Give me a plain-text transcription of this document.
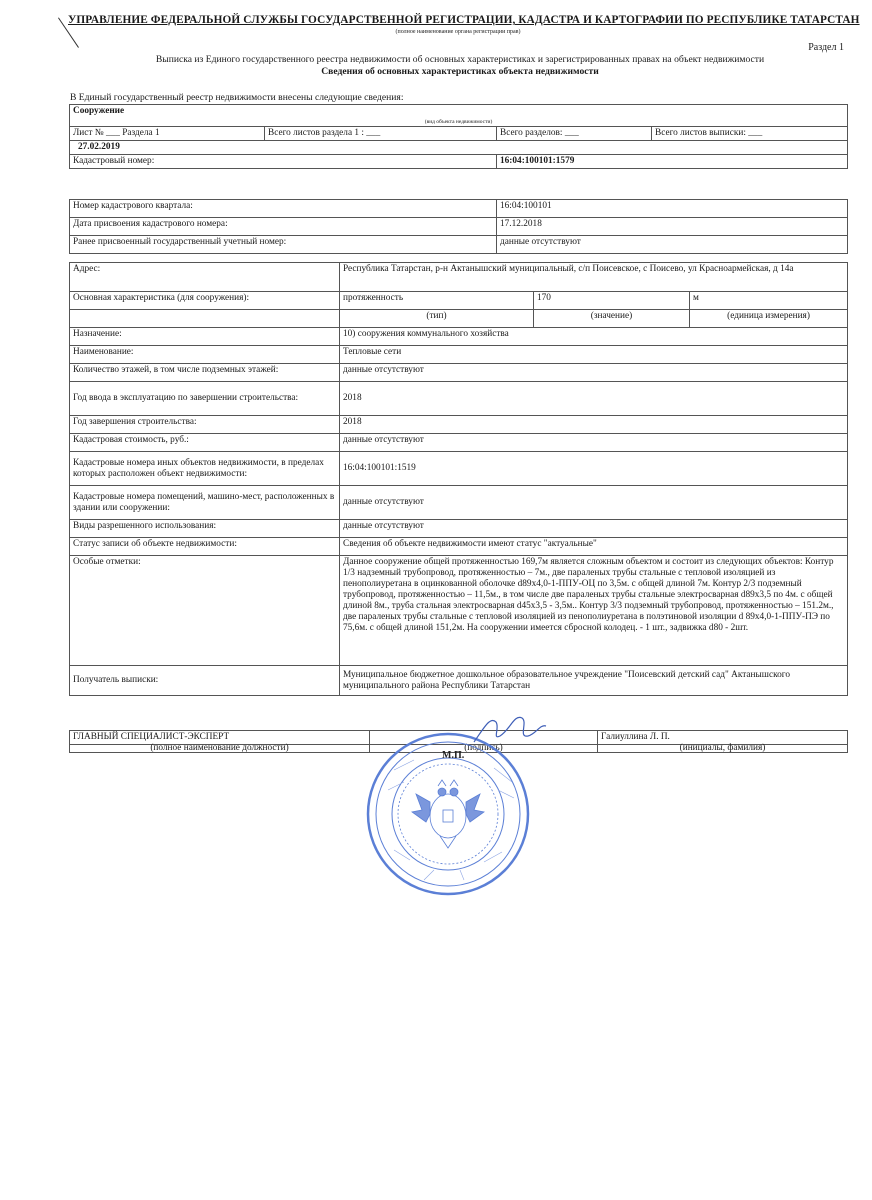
УПРАВЛЕНИЕ ФЕДЕРАЛЬНОЙ СЛУЖБЫ ГОСУДАРСТВЕННОЙ РЕГИСТРАЦИИ, КАДАСТРА И КАРТОГРАФИИ ПО РЕСПУБЛИКЕ ТАТАРСТАН
(полное наименование органа регистрации прав)
Раздел 1
Выписка из Единого государственного реестра недвижимости об основных характеристиках и зарегистрированных правах на объект недвижимости
Сведения об основных характеристиках объекта недвижимости
В Единый государственный реестр недвижимости внесены следующие сведения:
Сооружение			
(вид объекта недвижимости)			
Лист № ___ Раздела 1	Всего листов раздела 1 : ___	Всего разделов: ___	Всего листов выписки: ___
27.02.2019			
Кадастровый номер:		16:04:100101:1579	
Номер кадастрового квартала:	16:04:100101
Дата присвоения кадастрового номера:	17.12.2018
Ранее присвоенный государственный учетный номер:	данные отсутствуют
Адрес:	Республика Татарстан, р-н Актанышский муниципальный, с/п Поисевское, с Поисево, ул Красноармейская, д 14а		
Основная характеристика (для сооружения):	протяженность	170	м
	(тип)	(значение)	(единица измерения)
Назначение:	10) сооружения коммунального хозяйства		
Наименование:	Тепловые сети		
Количество этажей, в том числе подземных этажей:	данные отсутствуют		
Год ввода в эксплуатацию по завершении строительства:	2018		
Год завершения строительства:	2018		
Кадастровая стоимость, руб.:	данные отсутствуют		
Кадастровые номера иных объектов недвижимости, в пределах которых расположен объект недвижимости:	16:04:100101:1519		
Кадастровые номера помещений, машино-мест, расположенных в здании или сооружении:	данные отсутствуют		
Виды разрешенного использования:	данные отсутствуют		
Статус записи об объекте недвижимости:	Сведения об объекте недвижимости имеют статус "актуальные"		
Особые отметки:	Данное сооружение общей протяженностью 169,7м является сложным объектом и состоит из следующих объектов: Контур 1/3 надземный трубопровод, протяженностью – 7м., две параленых трубы стальные с тепловой изоляцией из пенополиуретана в оцинкованной оболочке d89x4,0-1-ППУ-ОЦ по 3,5м. с общей длиной 7м. Контур 2/3 подземный трубопровод, протяженностью – 11,5м., в том числе две параленых трубы стальные электросварная d89x3,5 по 4м. с общей длиной 8м., труба стальная электросварная d45x3,5 - 3,5м.. Контур 3/3 подземный трубопровод, протяженностью – 151.2м., две параленых трубы стальные с тепловой изоляцией из пенополиуретана в полэтиновой изоляции d 89x4,0-1-ППУ-ПЭ по 75,6м. с общей длиной 151,2м. На сооружении имеется сбросной колодец. - 1 шт., задвижка d80 - 2шт.		
Получатель выписки:	Муниципальное бюджетное дошкольное образовательное учреждение "Поисевский детский сад" Актанышского муниципального района Республики Татарстан		
ГЛАВНЫЙ СПЕЦИАЛИСТ-ЭКСПЕРТ		Галиуллина Л. П.
(полное наименование должности)	(подпись)	(инициалы, фамилия)
М.П.
